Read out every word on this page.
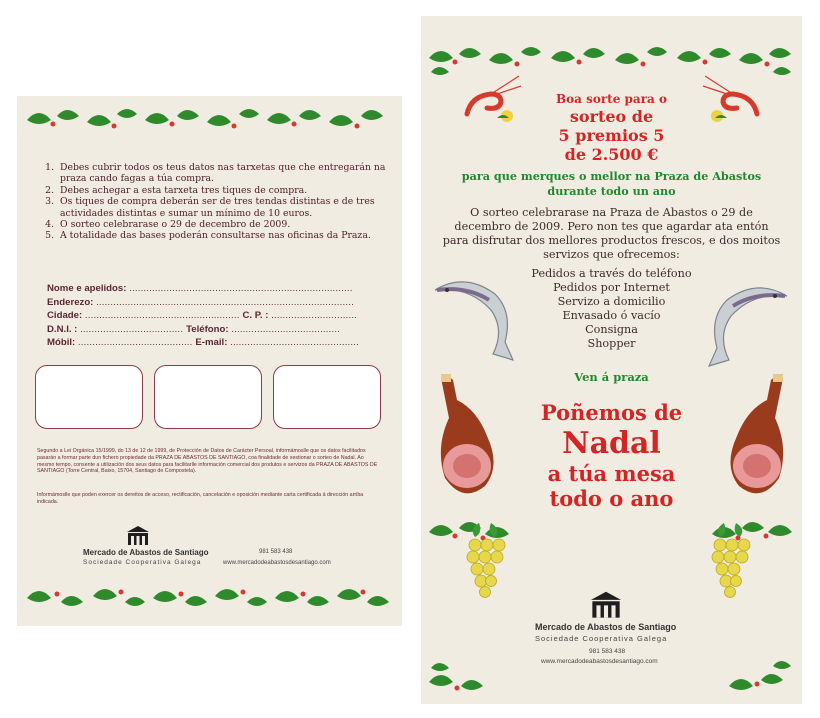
1. Debes cubrir todos os teus datos nas tarxetas que che entregarán na praza cando fagas a túa compra.
2. Debes achegar a esta tarxeta tres tiques de compra.
3. Os tiques de compra deberán ser de tres tendas distintas e de tres actividades distintas e sumar un mínimo de 10 euros.
4. O sorteo celebrarase o 29 de decembro de 2009.
5. A totalidade das bases poderán consultarse nas oficinas da Praza.
Nome e apelidos: ..............................................................................
Enderezo: ..........................................................................................
Cidade: ...................................................... C. P. : ..............................
D.N.I. : .................................... Teléfono: ......................................
Móbil: ........................................ E-mail: .............................................
Segundo a Lei Orgánica 15/1999, do 13 de 12 de 1999, de Protección de Datos de Carácter Persoal, informámoslle que os datos facilitados pasarán a formar parte dun fichero propiedade da PRAZA DE ABASTOS DE SANTIAGO, coa finalidade de xestionar o sorteo de Nadal. Ao mesmo tempo, consente a utilización dos seus datos para facilitarlle información comercial dos produtos e servizos da PRAZA DE ABASTOS DE SANTIAGO (Torre Central, Baixo, 15704, Santiago de Compostela).
Informámoslle que poden exercer os dereitos de acceso, rectificación, cancelación e oposición mediante carta certificada á dirección arriba indicada.
Mercado de Abastos de Santiago
Sociedade Cooperativa Galega
981 583 438
www.mercadodeabastosdesantiago.com
Boa sorte para o
sorteo de
5 premios 5
de 2.500 €
para que merques o mellor na Praza de Abastos
durante todo un ano
O sorteo celebrarase na Praza de Abastos o 29 de decembro de 2009. Pero non tes que agardar ata entón para disfrutar dos mellores productos frescos, e dos moitos servizos que ofrecemos:
Pedidos a través do teléfono
Pedidos por Internet
Servizo a domicilio
Envasado ó vacío
Consigna
Shopper
Ven á praza
Poñemos de
Nadal
a túa mesa
todo o ano
Mercado de Abastos de Santiago
Sociedade Cooperativa Galega
981 583 438
www.mercadodeabastosdesantiago.com
